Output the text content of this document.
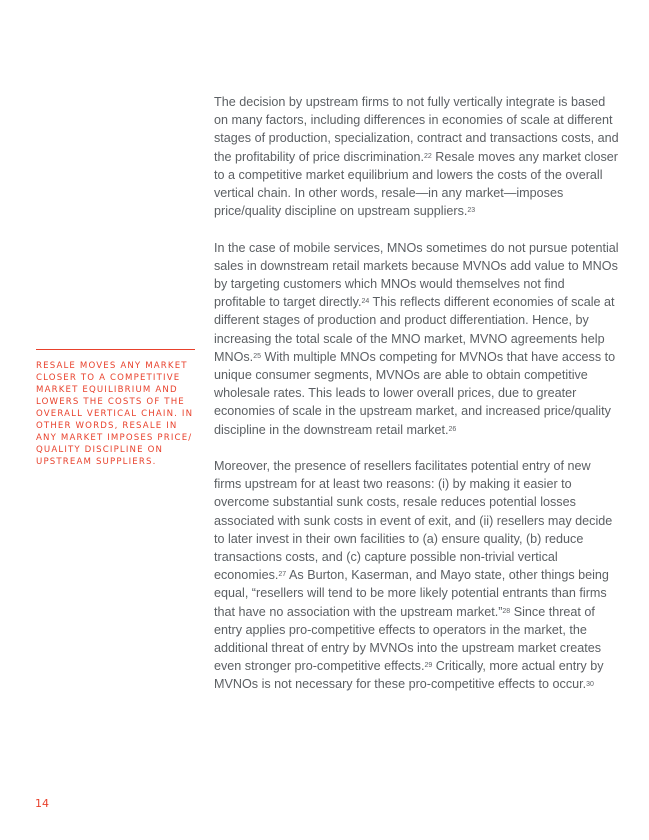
RESALE MOVES ANY MARKET CLOSER TO A COMPETITIVE MARKET EQUILIBRIUM AND LOWERS THE COSTS OF THE OVERALL VERTICAL CHAIN. IN OTHER WORDS, RESALE IN ANY MARKET IMPOSES PRICE/ QUALITY DISCIPLINE ON UPSTREAM SUPPLIERS.

The decision by upstream firms to not fully vertically integrate is based on many factors, including differences in economies of scale at different stages of production, specialization, contract and transactions costs, and the profitability of price discrimination.$^{22}$ Resale moves any market closer to a competitive market equilibrium and lowers the costs of the overall vertical chain. In other words, resale—in any market—imposes price/quality discipline on upstream suppliers.$^{23}$

In the case of mobile services, MNOs sometimes do not pursue potential sales in downstream retail markets because MVNOs add value to MNOs by targeting customers which MNOs would themselves not find profitable to target directly.$^{24}$ This reflects different economies of scale at different stages of production and product differentiation. Hence, by increasing the total scale of the MNO market, MVNO agreements help MNOs.$^{25}$ With multiple MNOs competing for MVNOs that have access to unique consumer segments, MVNOs are able to obtain competitive wholesale rates. This leads to lower overall prices, due to greater economies of scale in the upstream market, and increased price/quality discipline in the downstream retail market.$^{26}$

Moreover, the presence of resellers facilitates potential entry of new firms upstream for at least two reasons: (i) by making it easier to overcome substantial sunk costs, resale reduces potential losses associated with sunk costs in event of exit, and (ii) resellers may decide to later invest in their own facilities to (a) ensure quality, (b) reduce transactions costs, and (c) capture possible non-trivial vertical economies.$^{27}$ As Burton, Kaserman, and Mayo state, other things being equal, “resellers will tend to be more likely potential entrants than firms that have no association with the upstream market.”$^{28}$ Since threat of entry applies pro-competitive effects to operators in the market, the additional threat of entry by MVNOs into the upstream market creates even stronger pro-competitive effects.$^{29}$ Critically, more actual entry by MVNOs is not necessary for these pro-competitive effects to occur.$^{30}$

14
